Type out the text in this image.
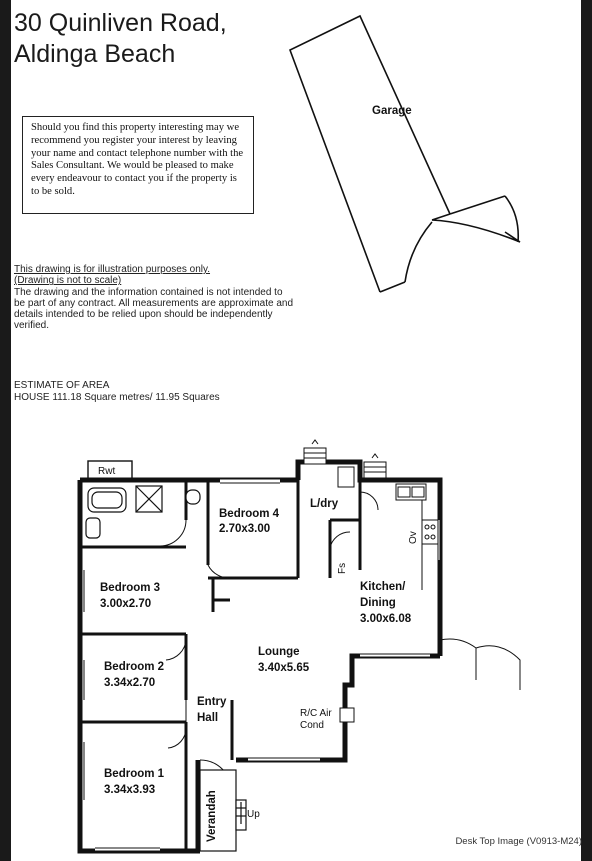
30 Quinliven Road,
Aldinga Beach
Should you find this property interesting may we recommend you register your interest by leaving your name and contact telephone number with the Sales Consultant. We would be pleased to make every endeavour to contact you if the property is to be sold.
This drawing is for illustration purposes only.
(Drawing is not to scale)
The drawing and the information contained is not intended to be part of any contract. All measurements are approximate and details intended to be relied upon should be independently verified.
ESTIMATE OF AREA
HOUSE 111.18 Square metres/ 11.95 Squares
Garage
Rwt
Bedroom 4
2.70x3.00
L/dry
Kitchen/
Dining
3.00x6.08
Bedroom 3
3.00x2.70
Bedroom 2
3.34x2.70
Lounge
3.40x5.65
Entry
Hall	R/C Air
Cond
Bedroom 1
3.34x3.93
Verandah	Up
Fs
Ov
Desk Top Image (V0913-M24)
